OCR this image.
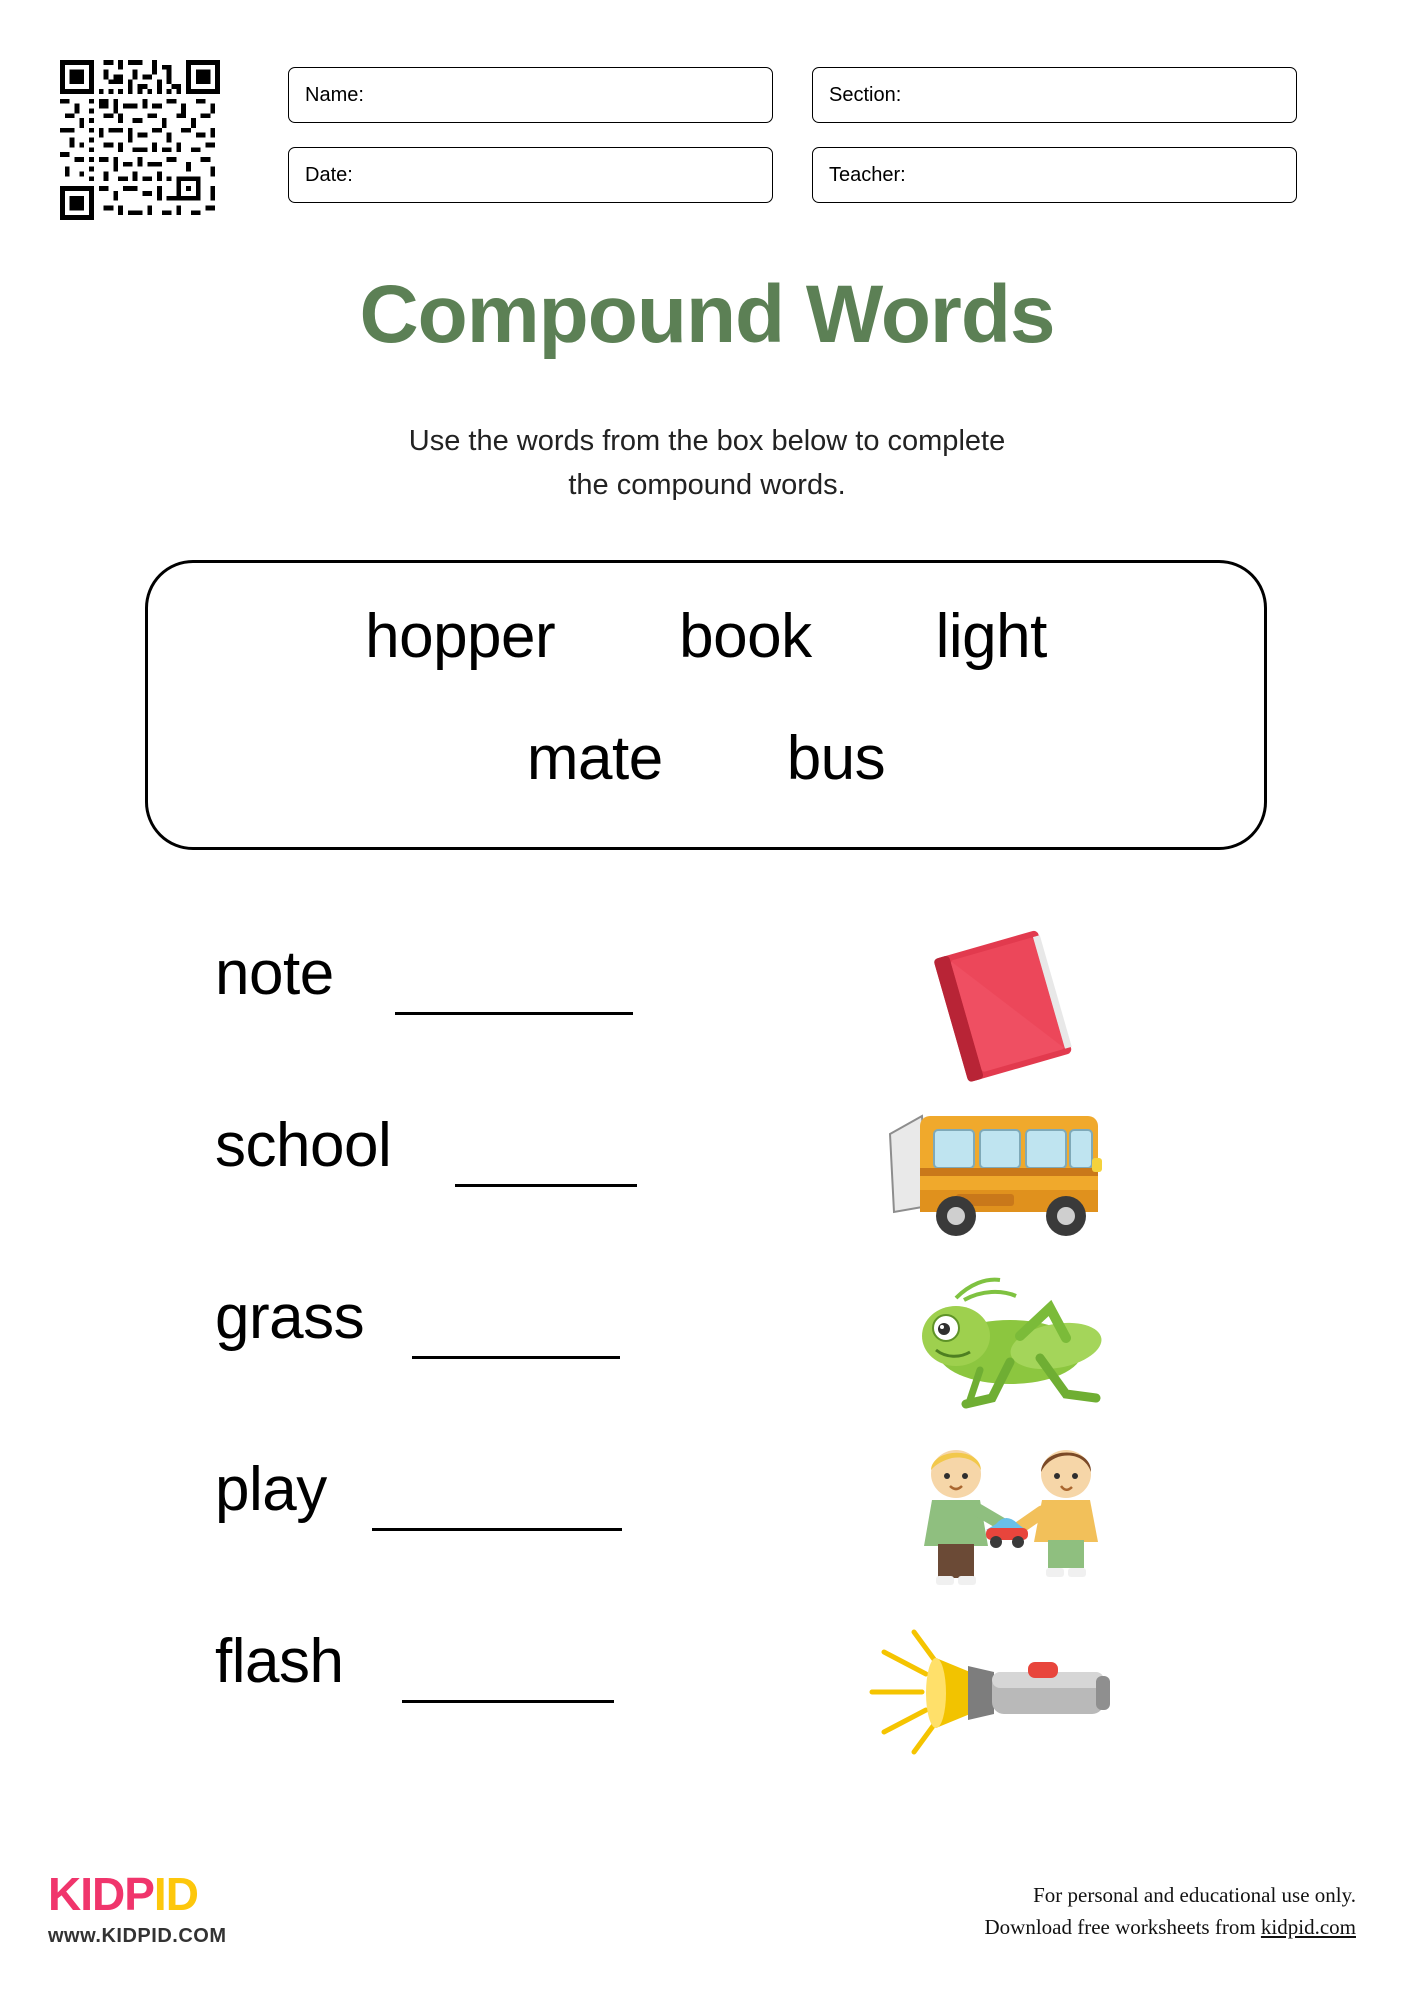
Name:	Section:
Date:	Teacher:
Compound Words
Use the words from the box below to complete
the compound words.
hopper book light
mate bus
note
school
grass
play
flash
KIDPID
www.KIDPID.COM
For personal and educational use only.
Download free worksheets from kidpid.com
